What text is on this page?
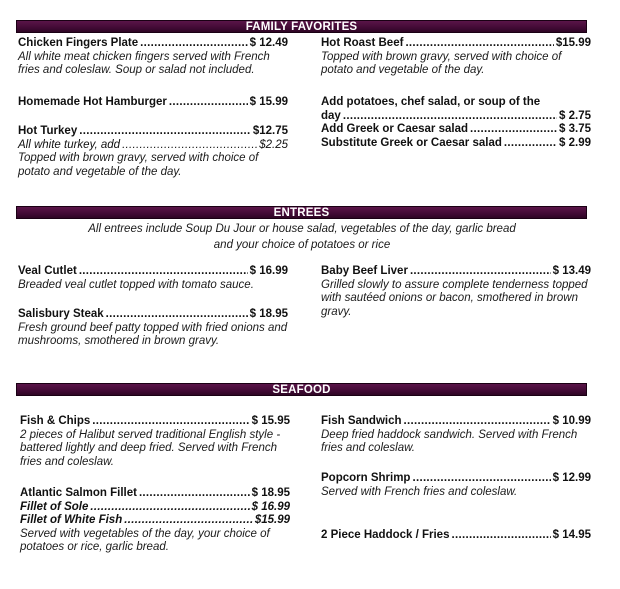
FAMILY FAVORITES
Chicken Fingers Plate .....	$ 12.49
All white meat chicken fingers served with French fries and coleslaw. Soup or salad not included.
Homemade Hot Hamburger .....	$ 15.99
Hot Turkey .....	$12.75
All white turkey, add .....	$2.25
Topped with brown gravy, served with choice of potato and vegetable of the day.
Hot Roast Beef .....	$15.99
Topped with brown gravy, served with choice of potato and vegetable of the day.
Add potatoes, chef salad, or soup of the
day .....	$ 2.75
Add Greek or Caesar salad .....	$ 3.75
Substitute Greek or Caesar salad .....	$ 2.99
ENTREES
All entrees include Soup Du Jour or house salad, vegetables of the day, garlic bread
and your choice of potatoes or rice
Veal Cutlet .....	$ 16.99
Breaded veal cutlet topped with tomato sauce.
Salisbury Steak .....	$ 18.95
Fresh ground beef patty topped with fried onions and mushrooms, smothered in brown gravy.
Baby Beef Liver .....	$ 13.49
Grilled slowly to assure complete tenderness topped with sautéed onions or bacon, smothered in brown gravy.
SEAFOOD
Fish & Chips .....	$ 15.95
2 pieces of Halibut served traditional English style - battered lightly and deep fried. Served with French fries and coleslaw.
Atlantic Salmon Fillet .....	$ 18.95
Fillet of Sole .....	$ 16.99
Fillet of White Fish .....	$15.99
Served with vegetables of the day, your choice of potatoes or rice, garlic bread.
Fish Sandwich .....	$ 10.99
Deep fried haddock sandwich. Served with French fries and coleslaw.
Popcorn Shrimp .....	$ 12.99
Served with French fries and coleslaw.
2 Piece Haddock / Fries .....	$ 14.95
